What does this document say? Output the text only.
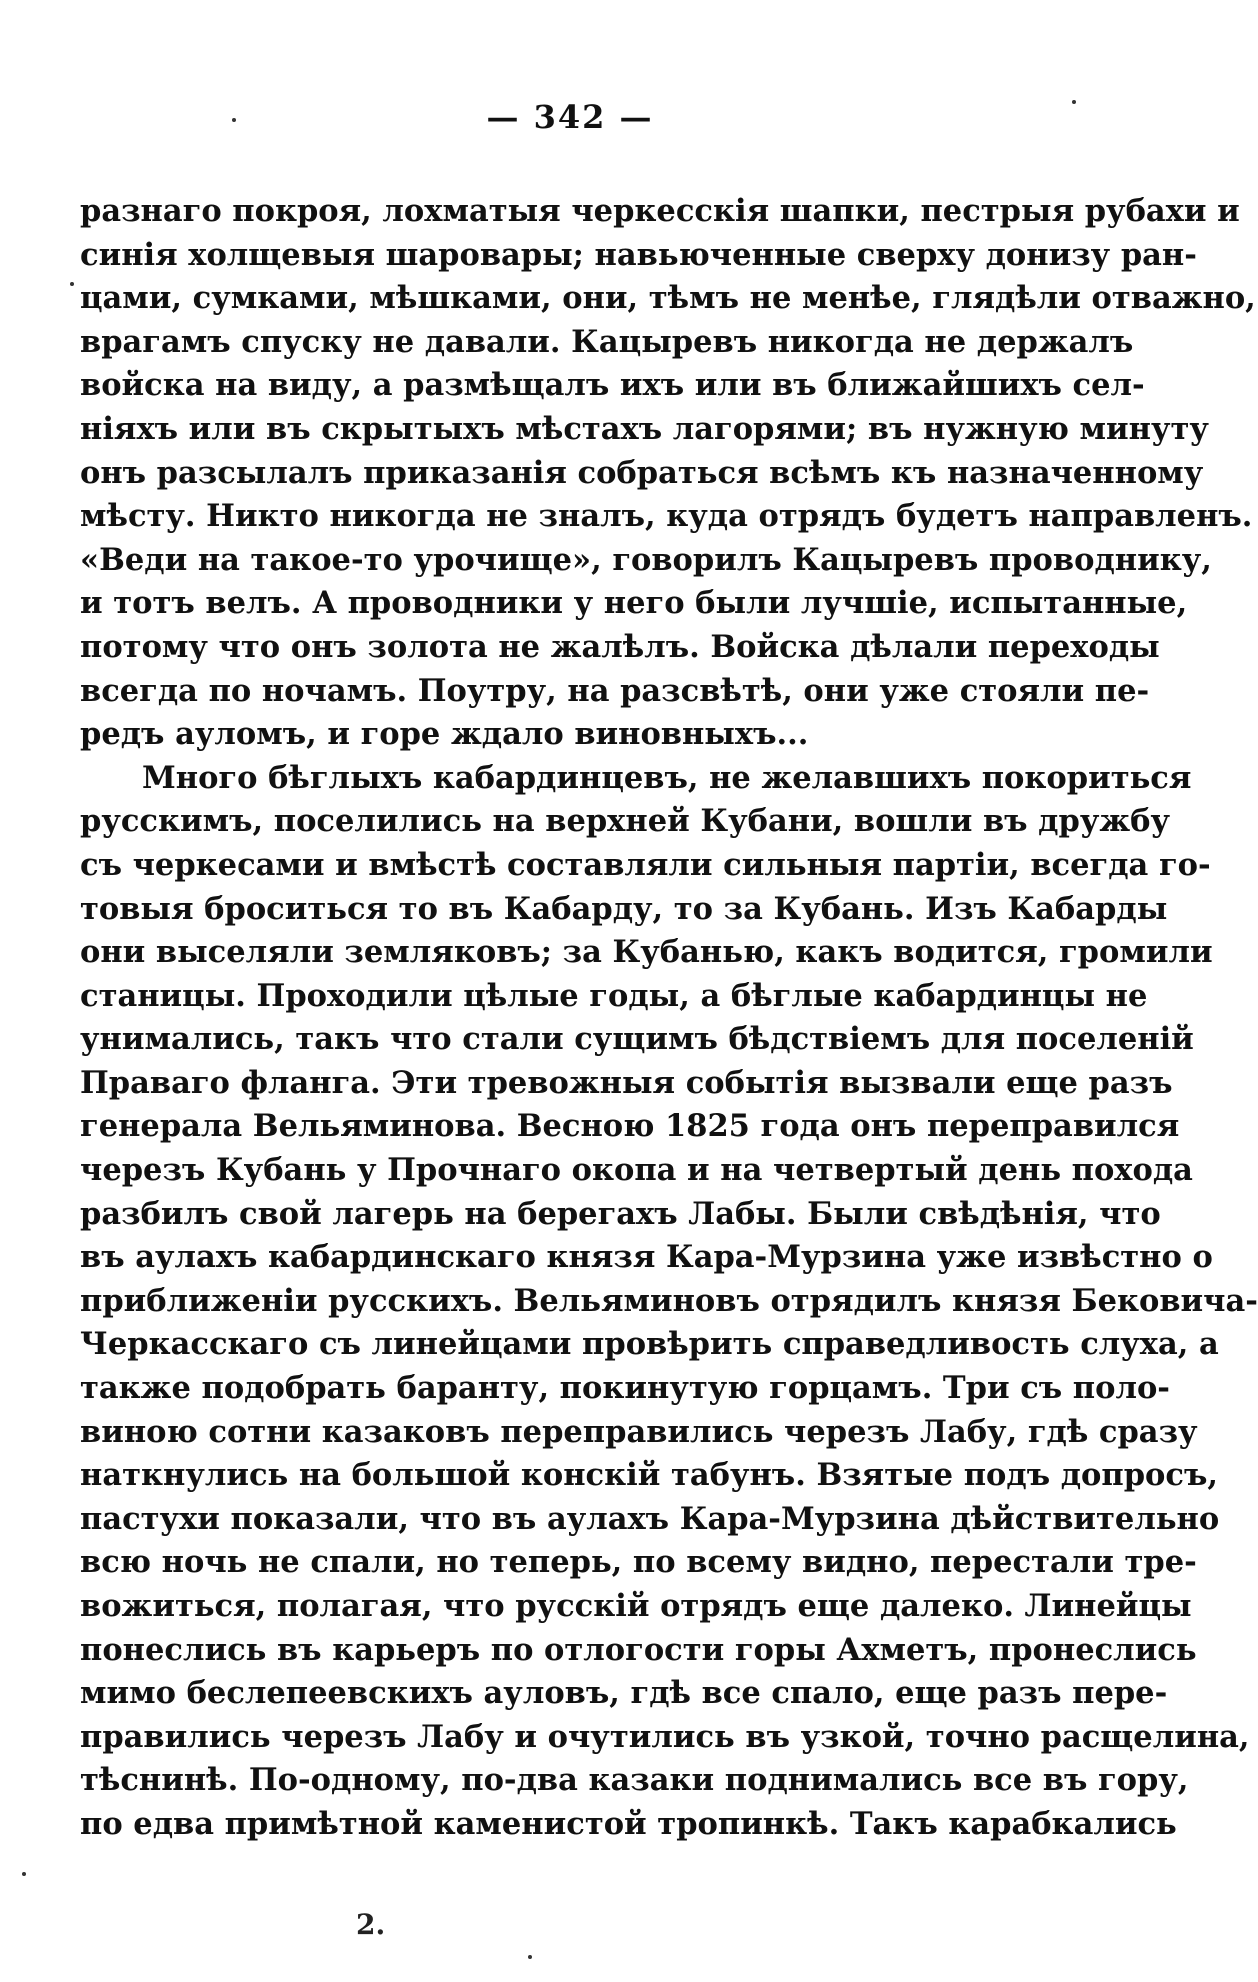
— 342 —
разнаго покроя, лохматыя черкесскія шапки, пестрыя рубахи и
синія холщевыя шаровары; навьюченные сверху донизу ран-
цами, сумками, мѣшками, они, тѣмъ не менѣе, глядѣли отважно,
врагамъ спуску не давали. Кацыревъ никогда не держалъ
войска на виду, а размѣщалъ ихъ или въ ближайшихъ сел-
ніяхъ или въ скрытыхъ мѣстахъ лагорями; въ нужную минуту
онъ разсылалъ приказанія собраться всѣмъ къ назначенному
мѣсту. Никто никогда не зналъ, куда отрядъ будетъ направленъ.
«Веди на такое-то урочище», говорилъ Кацыревъ проводнику,
и тотъ велъ. А проводники у него были лучшіе, испытанные,
потому что онъ золота не жалѣлъ. Войска дѣлали переходы
всегда по ночамъ. Поутру, на разсвѣтѣ, они уже стояли пе-
редъ ауломъ, и горе ждало виновныхъ...
Много бѣглыхъ кабардинцевъ, не желавшихъ покориться
русскимъ, поселились на верхней Кубани, вошли въ дружбу
съ черкесами и вмѣстѣ составляли сильныя партіи, всегда го-
товыя броситься то въ Кабарду, то за Кубань. Изъ Кабарды
они выселяли земляковъ; за Кубанью, какъ водится, громили
станицы. Проходили цѣлые годы, а бѣглые кабардинцы не
унимались, такъ что стали сущимъ бѣдствіемъ для поселеній
Праваго фланга. Эти тревожныя событія вызвали еще разъ
генерала Вельяминова. Весною 1825 года онъ переправился
черезъ Кубань у Прочнаго окопа и на четвертый день похода
разбилъ свой лагерь на берегахъ Лабы. Были свѣдѣнія, что
въ аулахъ кабардинскаго князя Кара-Мурзина уже извѣстно о
приближеніи русскихъ. Вельяминовъ отрядилъ князя Бековича-
Черкасскаго съ линейцами провѣрить справедливость слуха, а
также подобрать баранту, покинутую горцамъ. Три съ поло-
виною сотни казаковъ переправились черезъ Лабу, гдѣ сразу
наткнулись на большой конскій табунъ. Взятые подъ допросъ,
пастухи показали, что въ аулахъ Кара-Мурзина дѣйствительно
всю ночь не спали, но теперь, по всему видно, перестали тре-
вожиться, полагая, что русскій отрядъ еще далеко. Линейцы
понеслись въ карьеръ по отлогости горы Ахметъ, пронеслись
мимо беслепеевскихъ ауловъ, гдѣ все спало, еще разъ пере-
правились черезъ Лабу и очутились въ узкой, точно расщелина,
тѣснинѣ. По-одному, по-два казаки поднимались все въ гору,
по едва примѣтной каменистой тропинкѣ. Такъ карабкались
2.
